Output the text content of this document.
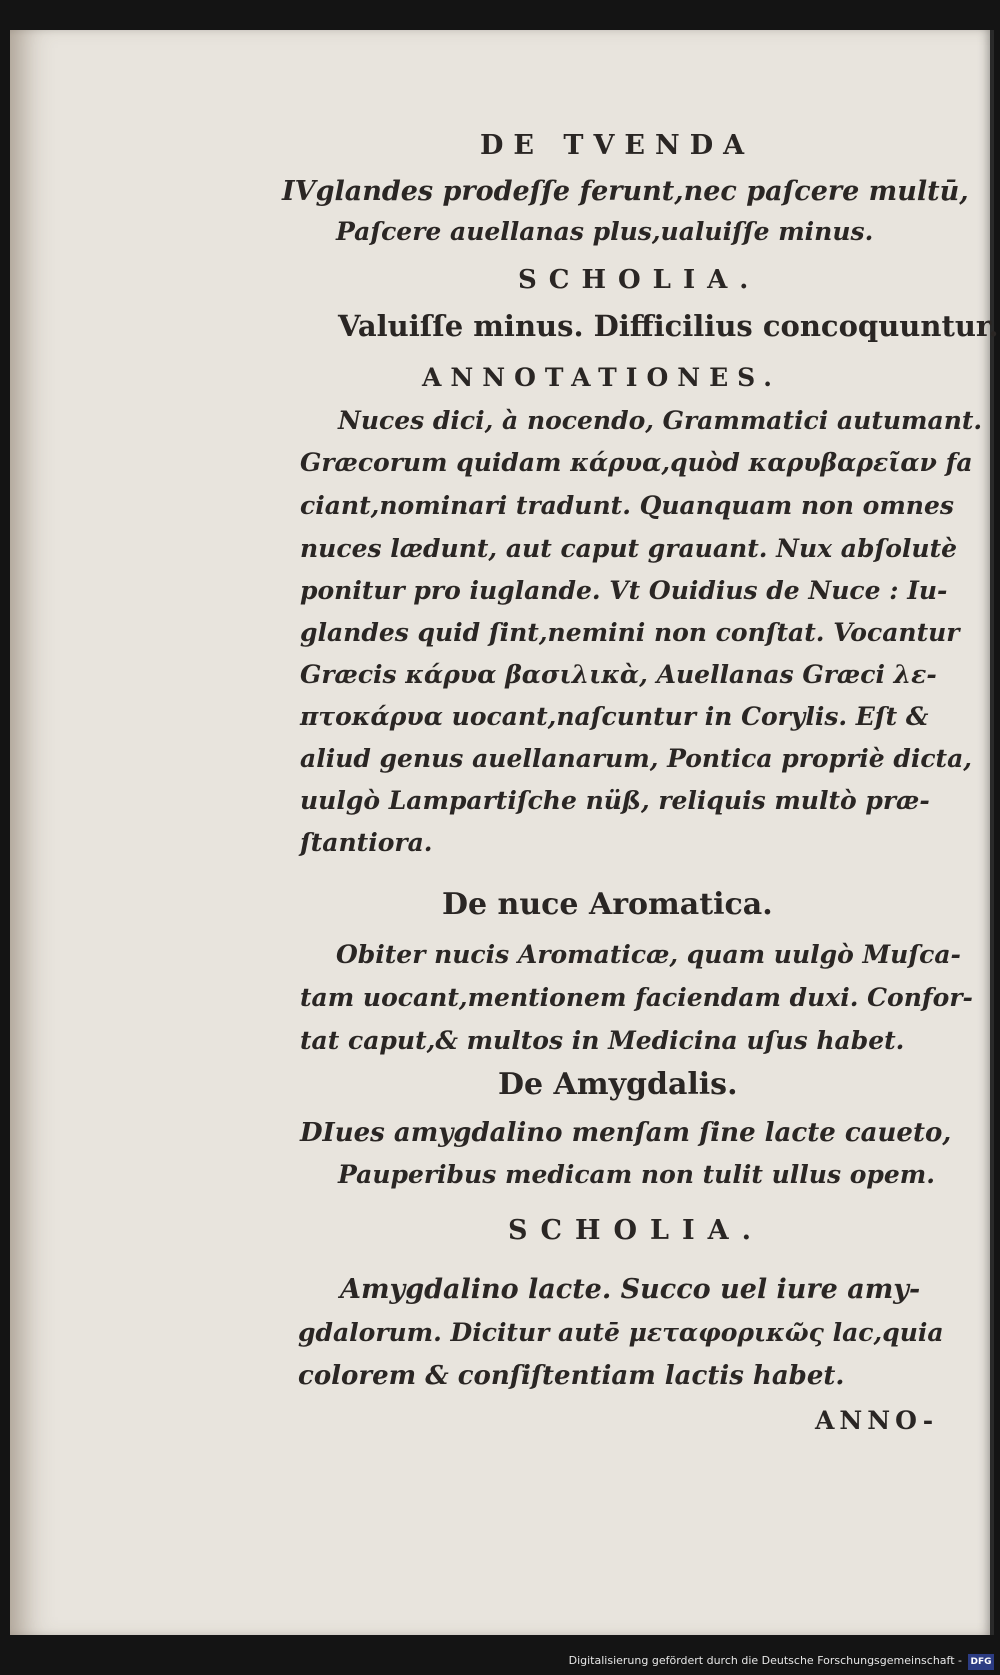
DE TVENDA
IVglandes prodeſſe ferunt,nec paſcere multū,
Paſcere auellanas plus,ualuiſſe minus.
SCHOLIA.
Valuiſſe minus. Difficilius concoquuntur.
ANNOTATIONES.
Nuces dici, à nocendo, Grammatici autumant.
Græcorum quidam κάρυα,quòd καρυβαρεῖαν fa
ciant,nominari tradunt. Quanquam non omnes
nuces lædunt, aut caput grauant. Nux abſolutè
ponitur pro iuglande. Vt Ouidius de Nuce : Iu-
glandes quid ſint,nemini non conſtat. Vocantur
Græcis κάρυα βασιλικὰ, Auellanas Græci λε-
πτοκάρυα uocant,naſcuntur in Corylis. Eſt &
aliud genus auellanarum, Pontica propriè dicta,
uulgò Lampartiſche nüß, reliquis multò præ-
ſtantiora.
De nuce Aromatica.
Obiter nucis Aromaticæ, quam uulgò Muſca-
tam uocant,mentionem faciendam duxi. Confor-
tat caput,& multos in Medicina uſus habet.
De Amygdalis.
DIues amygdalino menſam ſine lacte caueto,
Pauperibus medicam non tulit ullus opem.
SCHOLIA.
Amygdalino lacte. Succo uel iure amy-
gdalorum. Dicitur autē μεταφορικῶς lac,quia
colorem & conſiſtentiam lactis habet.
ANNO-
Digitalisierung gefördert durch die Deutsche Forschungsgemeinschaft - DFG
